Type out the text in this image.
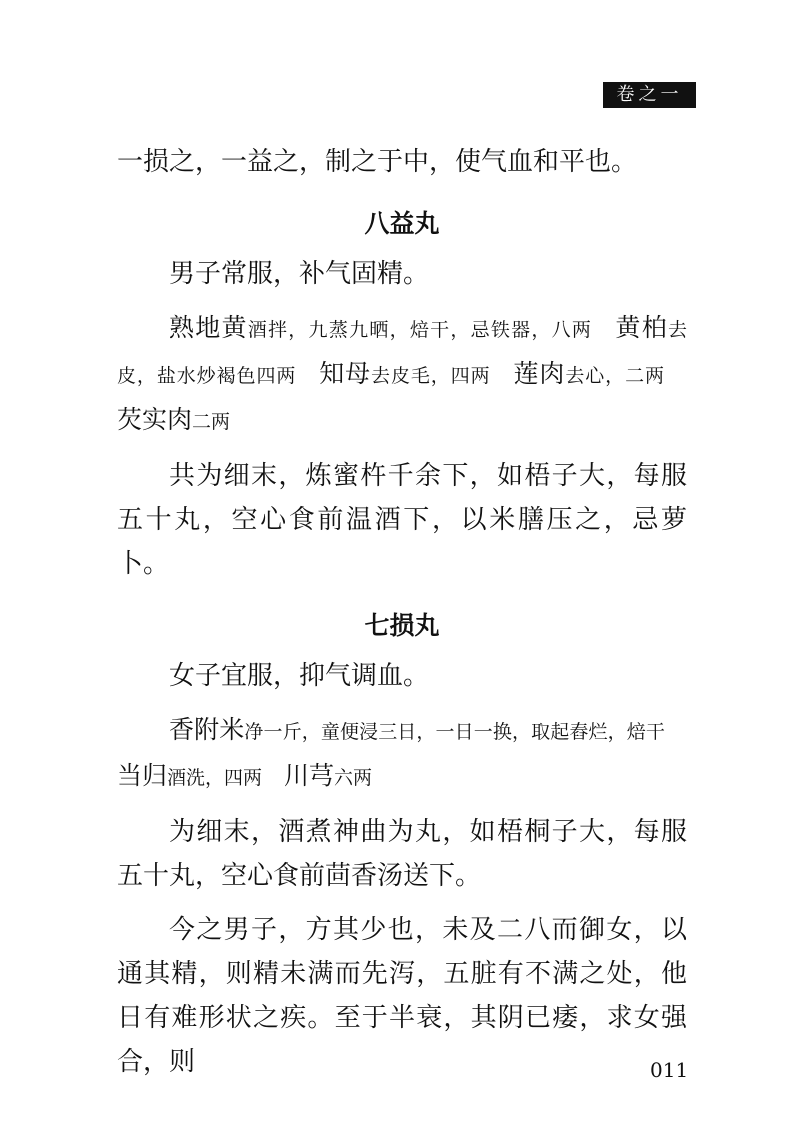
卷之一

一损之，一益之，制之于中，使气血和平也。

八益丸

男子常服，补气固精。

熟地黄酒拌，九蒸九晒，焙干，忌铁器，八两 黄柏去皮，盐水炒褐色四两 知母去皮毛，四两 莲肉去心，二两芡实肉二两

共为细末，炼蜜杵千余下，如梧子大，每服五十丸，空心食前温酒下，以米膳压之，忌萝卜。

七损丸

女子宜服，抑气调血。

香附米净一斤，童便浸三日，一日一换，取起舂烂，焙干当归酒洗，四两 川芎六两

为细末，酒煮神曲为丸，如梧桐子大，每服五十丸，空心食前茴香汤送下。

今之男子，方其少也，未及二八而御女，以通其精，则精未满而先泻，五脏有不满之处，他日有难形状之疾。至于半衰，其阴已痿，求女强合，则	011
